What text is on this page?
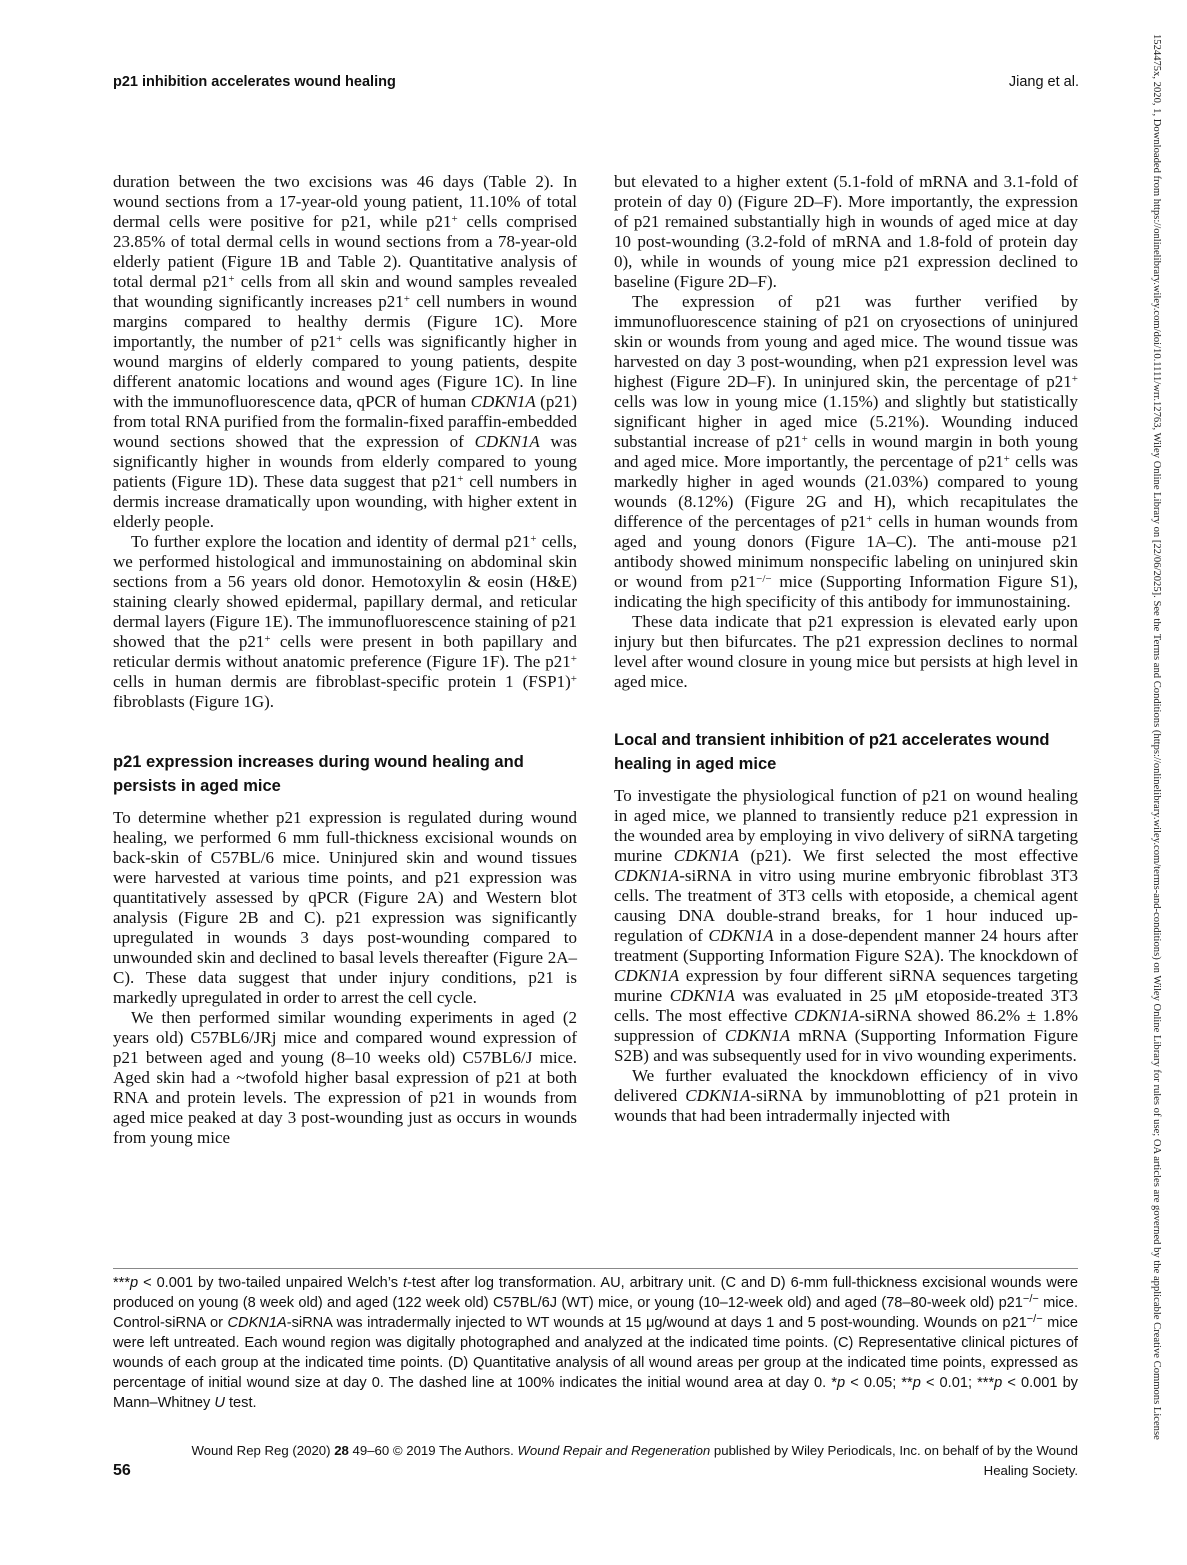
p21 inhibition accelerates wound healing	Jiang et al.

duration between the two excisions was 46 days (Table 2). In wound sections from a 17-year-old young patient, 11.10% of total dermal cells were positive for p21, while p21+ cells comprised 23.85% of total dermal cells in wound sections from a 78-year-old elderly patient (Figure 1B and Table 2). Quantitative analysis of total dermal p21+ cells from all skin and wound samples revealed that wounding significantly increases p21+ cell numbers in wound margins compared to healthy dermis (Figure 1C). More importantly, the number of p21+ cells was significantly higher in wound margins of elderly compared to young patients, despite different anatomic locations and wound ages (Figure 1C). In line with the immunofluorescence data, qPCR of human CDKN1A (p21) from total RNA purified from the formalin-fixed paraffin-embedded wound sections showed that the expression of CDKN1A was significantly higher in wounds from elderly compared to young patients (Figure 1D). These data suggest that p21+ cell numbers in dermis increase dramatically upon wounding, with higher extent in elderly people.

To further explore the location and identity of dermal p21+ cells, we performed histological and immunostaining on abdominal skin sections from a 56 years old donor. Hemotoxylin & eosin (H&E) staining clearly showed epidermal, papillary dermal, and reticular dermal layers (Figure 1E). The immunofluorescence staining of p21 showed that the p21+ cells were present in both papillary and reticular dermis without anatomic preference (Figure 1F). The p21+ cells in human dermis are fibroblast-specific protein 1 (FSP1)+ fibroblasts (Figure 1G).

p21 expression increases during wound healing and persists in aged mice

To determine whether p21 expression is regulated during wound healing, we performed 6 mm full-thickness excisional wounds on back-skin of C57BL/6 mice. Uninjured skin and wound tissues were harvested at various time points, and p21 expression was quantitatively assessed by qPCR (Figure 2A) and Western blot analysis (Figure 2B and C). p21 expression was significantly upregulated in wounds 3 days post-wounding compared to unwounded skin and declined to basal levels thereafter (Figure 2A–C). These data suggest that under injury conditions, p21 is markedly upregulated in order to arrest the cell cycle.

We then performed similar wounding experiments in aged (2 years old) C57BL6/JRj mice and compared wound expression of p21 between aged and young (8–10 weeks old) C57BL6/J mice. Aged skin had a ~twofold higher basal expression of p21 at both RNA and protein levels. The expression of p21 in wounds from aged mice peaked at day 3 post-wounding just as occurs in wounds from young mice

but elevated to a higher extent (5.1-fold of mRNA and 3.1-fold of protein of day 0) (Figure 2D–F). More importantly, the expression of p21 remained substantially high in wounds of aged mice at day 10 post-wounding (3.2-fold of mRNA and 1.8-fold of protein day 0), while in wounds of young mice p21 expression declined to baseline (Figure 2D–F).

The expression of p21 was further verified by immunofluorescence staining of p21 on cryosections of uninjured skin or wounds from young and aged mice. The wound tissue was harvested on day 3 post-wounding, when p21 expression level was highest (Figure 2D–F). In uninjured skin, the percentage of p21+ cells was low in young mice (1.15%) and slightly but statistically significant higher in aged mice (5.21%). Wounding induced substantial increase of p21+ cells in wound margin in both young and aged mice. More importantly, the percentage of p21+ cells was markedly higher in aged wounds (21.03%) compared to young wounds (8.12%) (Figure 2G and H), which recapitulates the difference of the percentages of p21+ cells in human wounds from aged and young donors (Figure 1A–C). The anti-mouse p21 antibody showed minimum nonspecific labeling on uninjured skin or wound from p21−/− mice (Supporting Information Figure S1), indicating the high specificity of this antibody for immunostaining.

These data indicate that p21 expression is elevated early upon injury but then bifurcates. The p21 expression declines to normal level after wound closure in young mice but persists at high level in aged mice.

Local and transient inhibition of p21 accelerates wound healing in aged mice

To investigate the physiological function of p21 on wound healing in aged mice, we planned to transiently reduce p21 expression in the wounded area by employing in vivo delivery of siRNA targeting murine CDKN1A (p21). We first selected the most effective CDKN1A-siRNA in vitro using murine embryonic fibroblast 3T3 cells. The treatment of 3T3 cells with etoposide, a chemical agent causing DNA double-strand breaks, for 1 hour induced up-regulation of CDKN1A in a dose-dependent manner 24 hours after treatment (Supporting Information Figure S2A). The knockdown of CDKN1A expression by four different siRNA sequences targeting murine CDKN1A was evaluated in 25 μM etoposide-treated 3T3 cells. The most effective CDKN1A-siRNA showed 86.2% ± 1.8% suppression of CDKN1A mRNA (Supporting Information Figure S2B) and was subsequently used for in vivo wounding experiments.

We further evaluated the knockdown efficiency of in vivo delivered CDKN1A-siRNA by immunoblotting of p21 protein in wounds that had been intradermally injected with

***p < 0.001 by two-tailed unpaired Welch’s t-test after log transformation. AU, arbitrary unit. (C and D) 6-mm full-thickness excisional wounds were produced on young (8 week old) and aged (122 week old) C57BL/6J (WT) mice, or young (10–12-week old) and aged (78–80-week old) p21−/− mice. Control-siRNA or CDKN1A-siRNA was intradermally injected to WT wounds at 15 μg/wound at days 1 and 5 post-wounding. Wounds on p21−/− mice were left untreated. Each wound region was digitally photographed and analyzed at the indicated time points. (C) Representative clinical pictures of wounds of each group at the indicated time points. (D) Quantitative analysis of all wound areas per group at the indicated time points, expressed as percentage of initial wound size at day 0. The dashed line at 100% indicates the initial wound area at day 0. *p < 0.05; **p < 0.01; ***p < 0.001 by Mann–Whitney U test.

56
Wound Rep Reg (2020) 28 49–60 © 2019 The Authors. Wound Repair and Regeneration published by Wiley Periodicals, Inc. on behalf of by the Wound Healing Society.
1524475x, 2020, 1, Downloaded from https://onlinelibrary.wiley.com/doi/10.1111/wrr.12763, Wiley Online Library on [22/06/2025]. See the Terms and Conditions (https://onlinelibrary.wiley.com/terms-and-conditions) on Wiley Online Library for rules of use; OA articles are governed by the applicable Creative Commons License
